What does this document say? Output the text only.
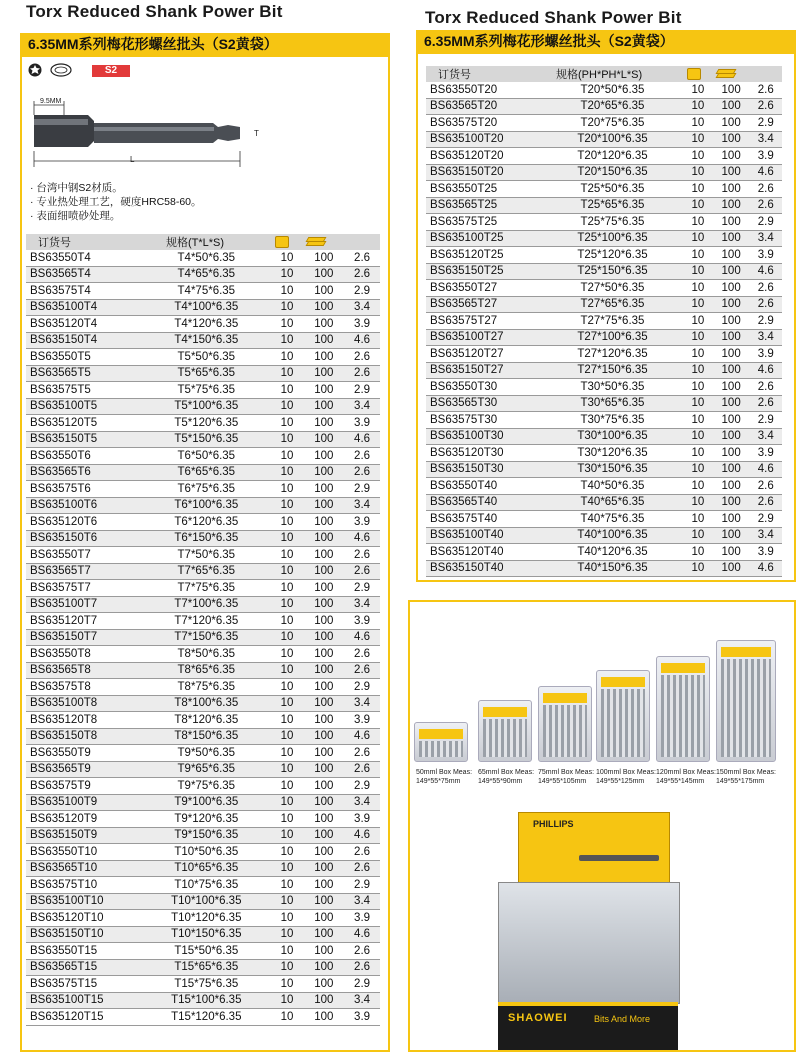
Torx Reduced Shank Power Bit
6.35MM系列梅花形螺丝批头（S2黄袋）
S2
9.5MM
T
L
· 台湾中钢S2材质。
· 专业热处理工艺，硬度HRC58-60。
· 表面细喷砂处理。
订货号	规格(T*L*S)		

BS63550T4	T4*50*6.35	10	100	2.6
BS63565T4	T4*65*6.35	10	100	2.6
BS63575T4	T4*75*6.35	10	100	2.9
BS635100T4	T4*100*6.35	10	100	3.4
BS635120T4	T4*120*6.35	10	100	3.9
BS635150T4	T4*150*6.35	10	100	4.6
BS63550T5	T5*50*6.35	10	100	2.6
BS63565T5	T5*65*6.35	10	100	2.6
BS63575T5	T5*75*6.35	10	100	2.9
BS635100T5	T5*100*6.35	10	100	3.4
BS635120T5	T5*120*6.35	10	100	3.9
BS635150T5	T5*150*6.35	10	100	4.6
BS63550T6	T6*50*6.35	10	100	2.6
BS63565T6	T6*65*6.35	10	100	2.6
BS63575T6	T6*75*6.35	10	100	2.9
BS635100T6	T6*100*6.35	10	100	3.4
BS635120T6	T6*120*6.35	10	100	3.9
BS635150T6	T6*150*6.35	10	100	4.6
BS63550T7	T7*50*6.35	10	100	2.6
BS63565T7	T7*65*6.35	10	100	2.6
BS63575T7	T7*75*6.35	10	100	2.9
BS635100T7	T7*100*6.35	10	100	3.4
BS635120T7	T7*120*6.35	10	100	3.9
BS635150T7	T7*150*6.35	10	100	4.6
BS63550T8	T8*50*6.35	10	100	2.6
BS63565T8	T8*65*6.35	10	100	2.6
BS63575T8	T8*75*6.35	10	100	2.9
BS635100T8	T8*100*6.35	10	100	3.4
BS635120T8	T8*120*6.35	10	100	3.9
BS635150T8	T8*150*6.35	10	100	4.6
BS63550T9	T9*50*6.35	10	100	2.6
BS63565T9	T9*65*6.35	10	100	2.6
BS63575T9	T9*75*6.35	10	100	2.9
BS635100T9	T9*100*6.35	10	100	3.4
BS635120T9	T9*120*6.35	10	100	3.9
BS635150T9	T9*150*6.35	10	100	4.6
BS63550T10	T10*50*6.35	10	100	2.6
BS63565T10	T10*65*6.35	10	100	2.6
BS63575T10	T10*75*6.35	10	100	2.9
BS635100T10	T10*100*6.35	10	100	3.4
BS635120T10	T10*120*6.35	10	100	3.9
BS635150T10	T10*150*6.35	10	100	4.6
BS63550T15	T15*50*6.35	10	100	2.6
BS63565T15	T15*65*6.35	10	100	2.6
BS63575T15	T15*75*6.35	10	100	2.9
BS635100T15	T15*100*6.35	10	100	3.4
BS635120T15	T15*120*6.35	10	100	3.9
Torx Reduced Shank Power Bit
6.35MM系列梅花形螺丝批头（S2黄袋）
订货号	规格(PH*PH*L*S)		

BS63550T20	T20*50*6.35	10	100	2.6
BS63565T20	T20*65*6.35	10	100	2.6
BS63575T20	T20*75*6.35	10	100	2.9
BS635100T20	T20*100*6.35	10	100	3.4
BS635120T20	T20*120*6.35	10	100	3.9
BS635150T20	T20*150*6.35	10	100	4.6
BS63550T25	T25*50*6.35	10	100	2.6
BS63565T25	T25*65*6.35	10	100	2.6
BS63575T25	T25*75*6.35	10	100	2.9
BS635100T25	T25*100*6.35	10	100	3.4
BS635120T25	T25*120*6.35	10	100	3.9
BS635150T25	T25*150*6.35	10	100	4.6
BS63550T27	T27*50*6.35	10	100	2.6
BS63565T27	T27*65*6.35	10	100	2.6
BS63575T27	T27*75*6.35	10	100	2.9
BS635100T27	T27*100*6.35	10	100	3.4
BS635120T27	T27*120*6.35	10	100	3.9
BS635150T27	T27*150*6.35	10	100	4.6
BS63550T30	T30*50*6.35	10	100	2.6
BS63565T30	T30*65*6.35	10	100	2.6
BS63575T30	T30*75*6.35	10	100	2.9
BS635100T30	T30*100*6.35	10	100	3.4
BS635120T30	T30*120*6.35	10	100	3.9
BS635150T30	T30*150*6.35	10	100	4.6
BS63550T40	T40*50*6.35	10	100	2.6
BS63565T40	T40*65*6.35	10	100	2.6
BS63575T40	T40*75*6.35	10	100	2.9
BS635100T40	T40*100*6.35	10	100	3.4
BS635120T40	T40*120*6.35	10	100	3.9
BS635150T40	T40*150*6.35	10	100	4.6
50mml Box Meas:
149*55*75mm
65mml Box Meas:
149*55*90mm
75mml Box Meas:
149*55*105mm
100mml Box Meas:
149*55*125mm
120mml Box Meas:
149*55*145mm
150mml Box Meas:
149*55*175mm
PHILLIPS
SHAOWEI	Bits And More
